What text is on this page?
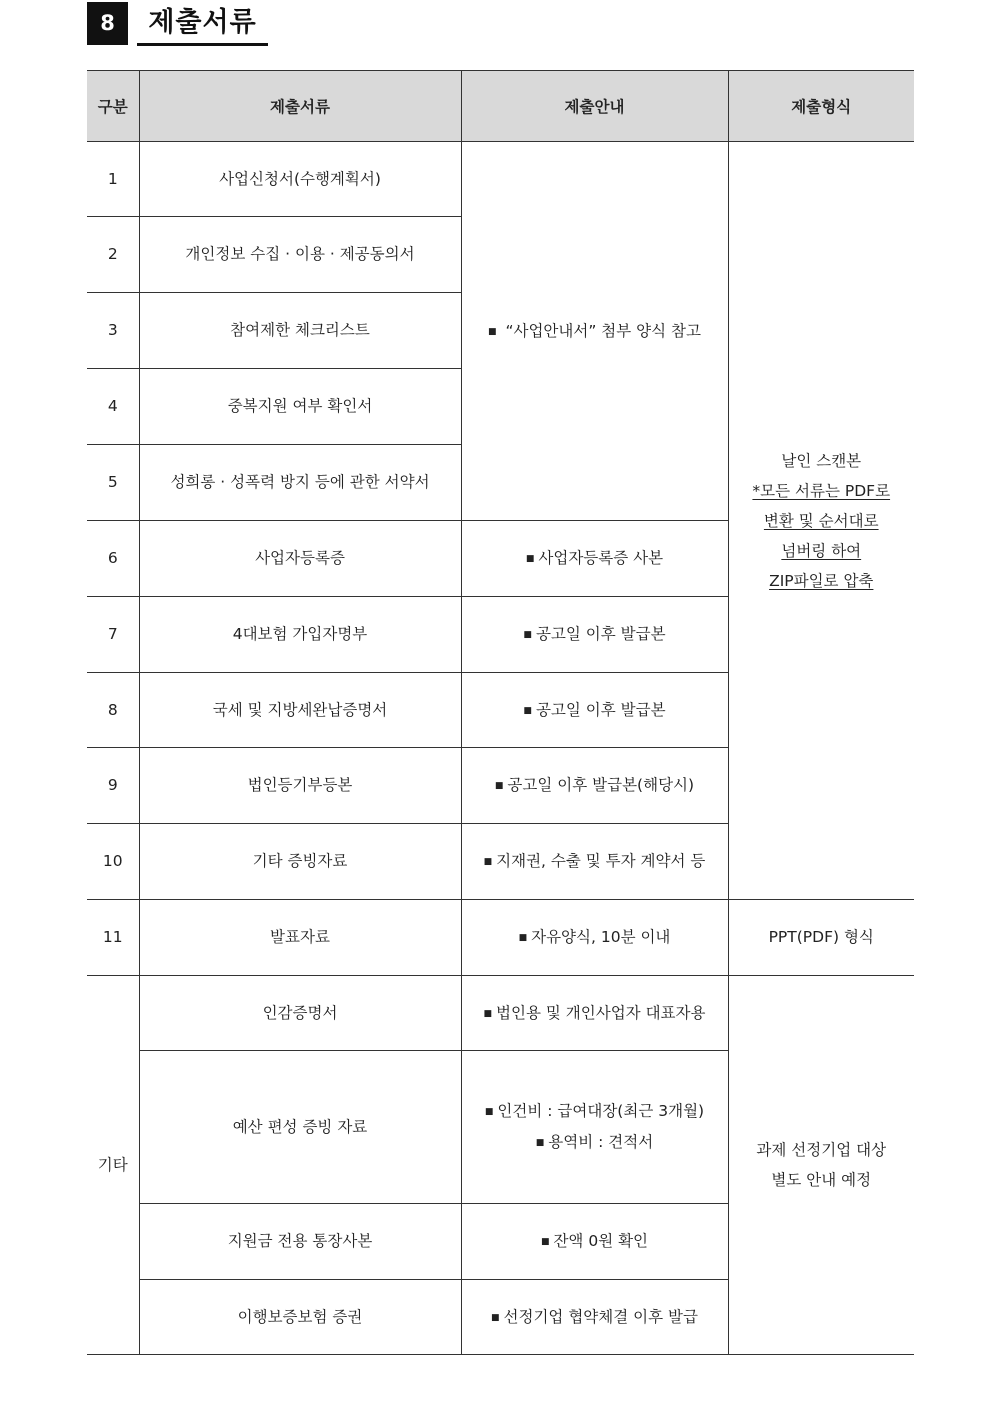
8	제출서류
구분	제출서류	제출안내	제출형식
1	사업신청서(수행계획서)	■ “사업안내서” 첨부 양식 참고	날인 스캔본
*모든 서류는 PDF로
변환 및 순서대로
넘버링 하여
ZIP파일로 압축

2	개인정보 수집 · 이용 · 제공동의서		
3	참여제한 체크리스트		
4	중복지원 여부 확인서		
5	성희롱 · 성폭력 방지 등에 관한 서약서		
6	사업자등록증	■ 사업자등록증 사본	
7	4대보험 가입자명부	■ 공고일 이후 발급본	
8	국세 및 지방세완납증명서	■ 공고일 이후 발급본	
9	법인등기부등본	■ 공고일 이후 발급본(해당시)	
10	기타 증빙자료	■ 지재권, 수출 및 투자 계약서 등	
11	발표자료	■ 자유양식, 10분 이내	PPT(PDF) 형식
기타	인감증명서	■ 법인용 및 개인사업자 대표자용	과제 선정기업 대상
별도 안내 예정

	예산 편성 증빙 자료	■ 인건비 : 급여대장(최근 3개월)
■ 용역비 : 견적서	

	지원금 전용 통장사본	■ 잔액 0원 확인	
	이행보증보험 증권	■ 선정기업 협약체결 이후 발급	
